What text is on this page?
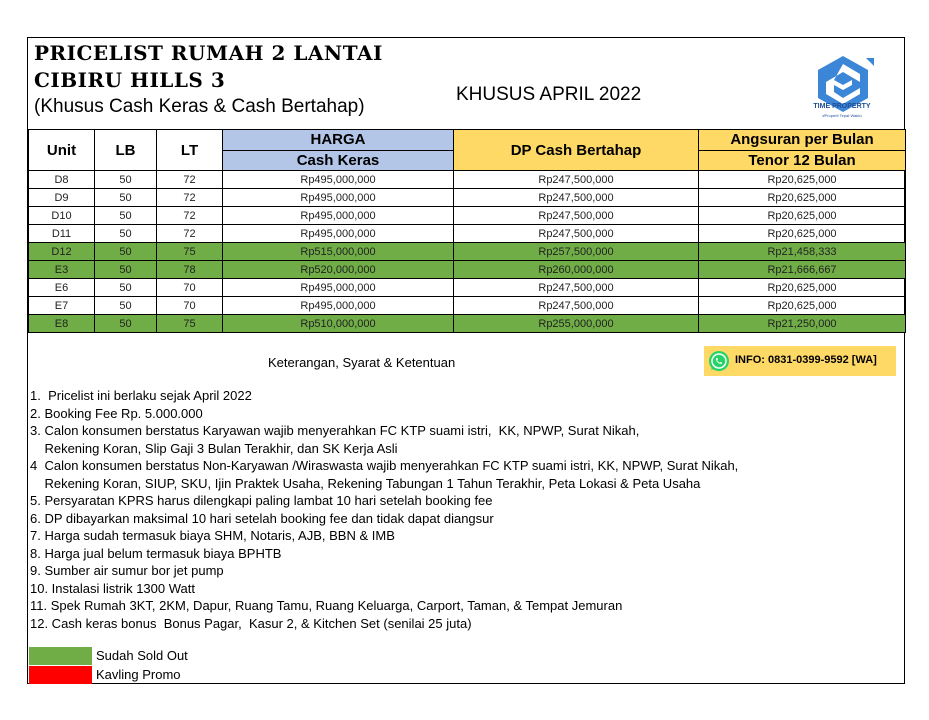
PRICELIST RUMAH 2 LANTAI
CIBIRU HILLS 3
(Khusus Cash Keras & Cash Bertahap)
KHUSUS APRIL 2022
TIME PROPERTY
#Properti Tepat Waktu
Unit	LB	LT	HARGA	DP Cash Bertahap	Angsuran per Bulan
			Cash Keras		Tenor 12 Bulan
D8	50	72	Rp495,000,000	Rp247,500,000	Rp20,625,000
D9	50	72	Rp495,000,000	Rp247,500,000	Rp20,625,000
D10	50	72	Rp495,000,000	Rp247,500,000	Rp20,625,000
D11	50	72	Rp495,000,000	Rp247,500,000	Rp20,625,000
D12	50	75	Rp515,000,000	Rp257,500,000	Rp21,458,333
E3	50	78	Rp520,000,000	Rp260,000,000	Rp21,666,667
E6	50	70	Rp495,000,000	Rp247,500,000	Rp20,625,000
E7	50	70	Rp495,000,000	Rp247,500,000	Rp20,625,000
E8	50	75	Rp510,000,000	Rp255,000,000	Rp21,250,000
Keterangan, Syarat & Ketentuan	INFO: 0831-0399-9592 [WA]
1.  Pricelist ini berlaku sejak April 2022
2. Booking Fee Rp. 5.000.000
3. Calon konsumen berstatus Karyawan wajib menyerahkan FC KTP suami istri,  KK, NPWP, Surat Nikah,
Rekening Koran, Slip Gaji 3 Bulan Terakhir, dan SK Kerja Asli
4  Calon konsumen berstatus Non-Karyawan /Wiraswasta wajib menyerahkan FC KTP suami istri, KK, NPWP, Surat Nikah,
Rekening Koran, SIUP, SKU, Ijin Praktek Usaha, Rekening Tabungan 1 Tahun Terakhir, Peta Lokasi & Peta Usaha
5. Persyaratan KPRS harus dilengkapi paling lambat 10 hari setelah booking fee
6. DP dibayarkan maksimal 10 hari setelah booking fee dan tidak dapat diangsur
7. Harga sudah termasuk biaya SHM, Notaris, AJB, BBN & IMB
8. Harga jual belum termasuk biaya BPHTB
9. Sumber air sumur bor jet pump
10. Instalasi listrik 1300 Watt
11. Spek Rumah 3KT, 2KM, Dapur, Ruang Tamu, Ruang Keluarga, Carport, Taman, & Tempat Jemuran
12. Cash keras bonus  Bonus Pagar,  Kasur 2, & Kitchen Set (senilai 25 juta)
Sudah Sold Out
Kavling Promo
